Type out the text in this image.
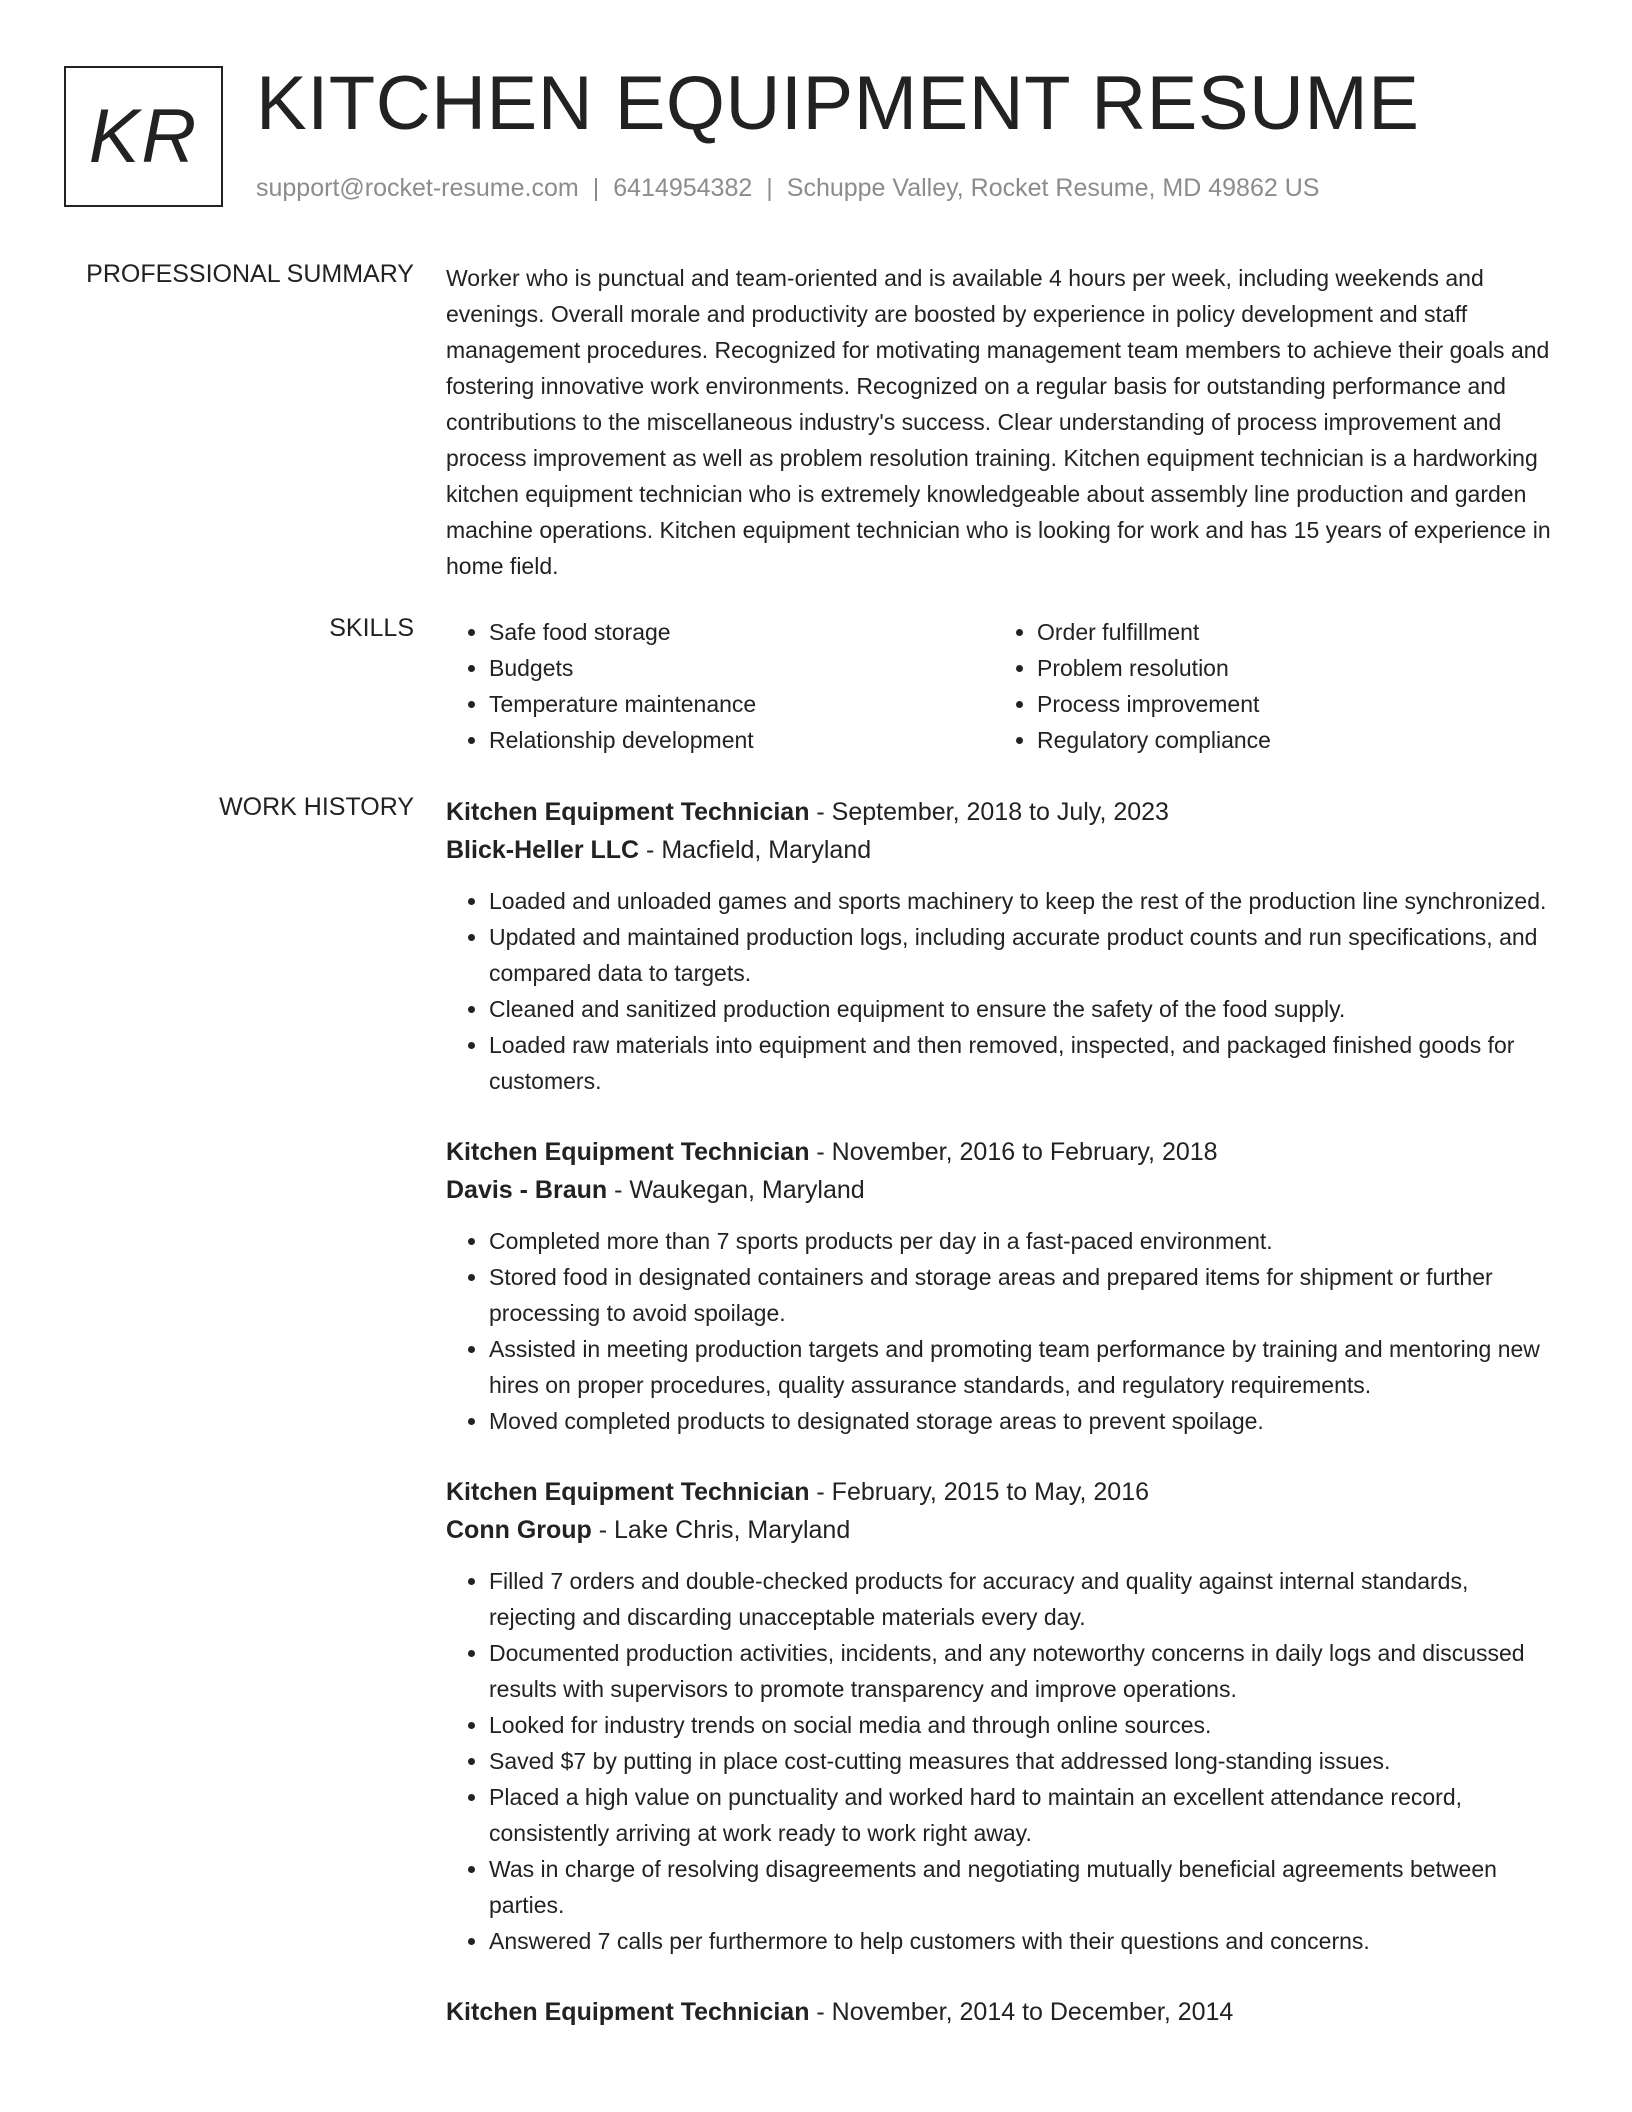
KR KITCHEN EQUIPMENT RESUME
support@rocket-resume.com | 6414954382 | Schuppe Valley, Rocket Resume, MD 49862 US
PROFESSIONAL SUMMARY Worker who is punctual and team-oriented and is available 4 hours per week, including weekends and evenings. Overall morale and productivity are boosted by experience in policy development and staff management procedures. Recognized for motivating management team members to achieve their goals and fostering innovative work environments. Recognized on a regular basis for outstanding performance and contributions to the miscellaneous industry's success. Clear understanding of process improvement and process improvement as well as problem resolution training. Kitchen equipment technician is a hardworking kitchen equipment technician who is extremely knowledgeable about assembly line production and garden machine operations. Kitchen equipment technician who is looking for work and has 15 years of experience in home field.

SKILLS
•	Safe food storage
• Budgets
• Temperature maintenance
• Relationship development
• Order fulfillment
• Problem resolution
• Process improvement
• Regulatory compliance
WORK HISTORY Kitchen Equipment Technician - September, 2018 to July, 2023
Blick-Heller LLC - Macfield, Maryland
• Loaded and unloaded games and sports machinery to keep the rest of the production line synchronized.
• Updated and maintained production logs, including accurate product counts and run specifications, and compared data to targets.
• Cleaned and sanitized production equipment to ensure the safety of the food supply.
• Loaded raw materials into equipment and then removed, inspected, and packaged finished goods for customers.
Kitchen Equipment Technician - November, 2016 to February, 2018
Davis - Braun - Waukegan, Maryland
• Completed more than 7 sports products per day in a fast-paced environment.
• Stored food in designated containers and storage areas and prepared items for shipment or further processing to avoid spoilage.
• Assisted in meeting production targets and promoting team performance by training and mentoring new hires on proper procedures, quality assurance standards, and regulatory requirements.
• Moved completed products to designated storage areas to prevent spoilage.
Kitchen Equipment Technician - February, 2015 to May, 2016
Conn Group - Lake Chris, Maryland
• Filled 7 orders and double-checked products for accuracy and quality against internal standards, rejecting and discarding unacceptable materials every day.
• Documented production activities, incidents, and any noteworthy concerns in daily logs and discussed results with supervisors to promote transparency and improve operations.
• Looked for industry trends on social media and through online sources.
• Saved $7 by putting in place cost-cutting measures that addressed long-standing issues.
• Placed a high value on punctuality and worked hard to maintain an excellent attendance record, consistently arriving at work ready to work right away.
• Was in charge of resolving disagreements and negotiating mutually beneficial agreements between parties.
• Answered 7 calls per furthermore to help customers with their questions and concerns.
Kitchen Equipment Technician - November, 2014 to December, 2014
